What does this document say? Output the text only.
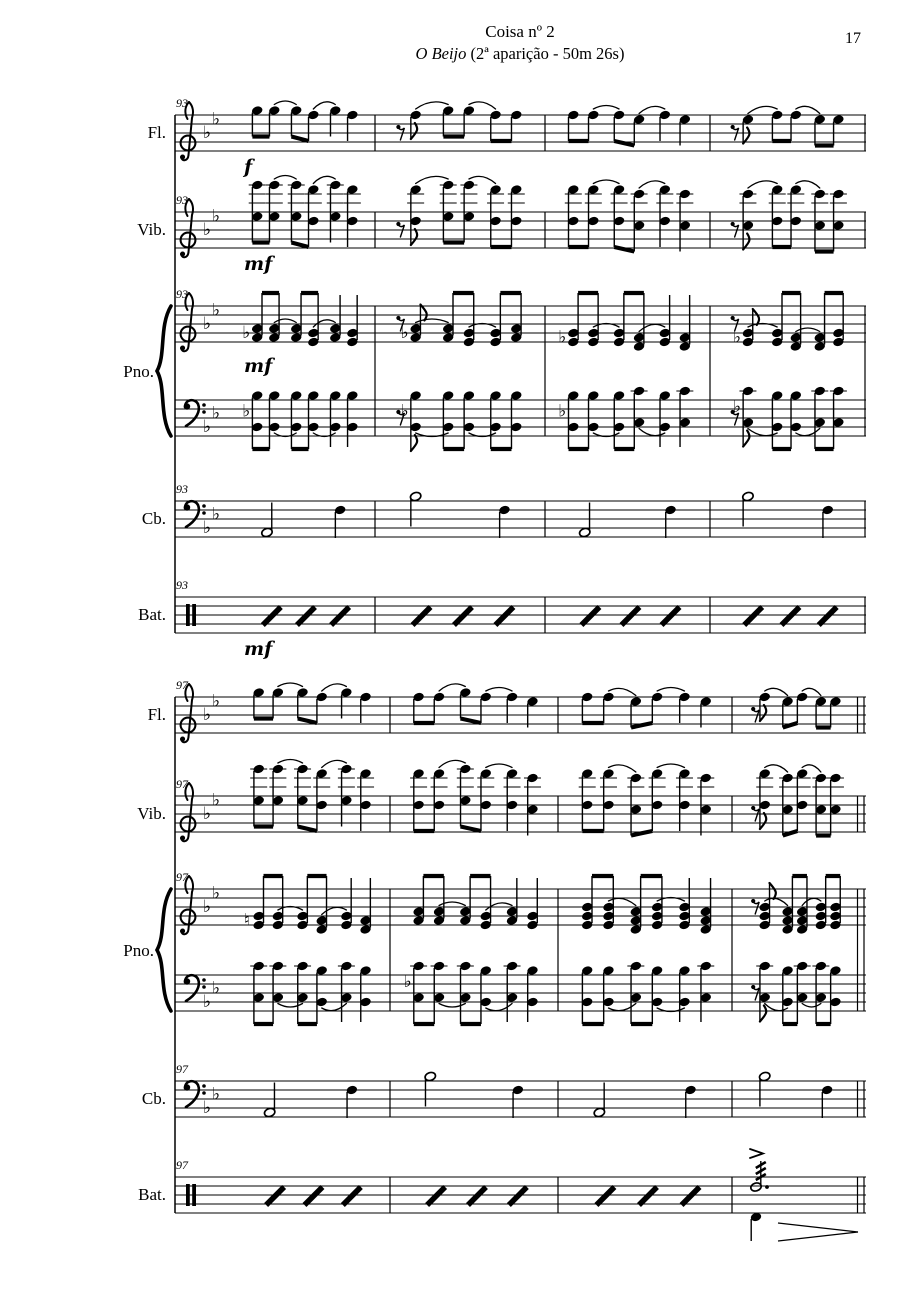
17
Coisa nº 2
O Beijo (2ª aparição - 50m 26s)
93
♭
♭
Fl.
f
93
♭
♭
Vib.
mf
93
♭
♭
Pno.	mf
♭	♭	♭	♭
♭
♭ ♭	♭	♭	♭
93
♭
♭
Cb.
93
Bat.
mf
97
♭
♭
Fl.
97
♭
♭
Vib.
97
♭
♭
Pno.
♮
♭
♭	♭
97
♭
♭
Cb.
97
Bat.
